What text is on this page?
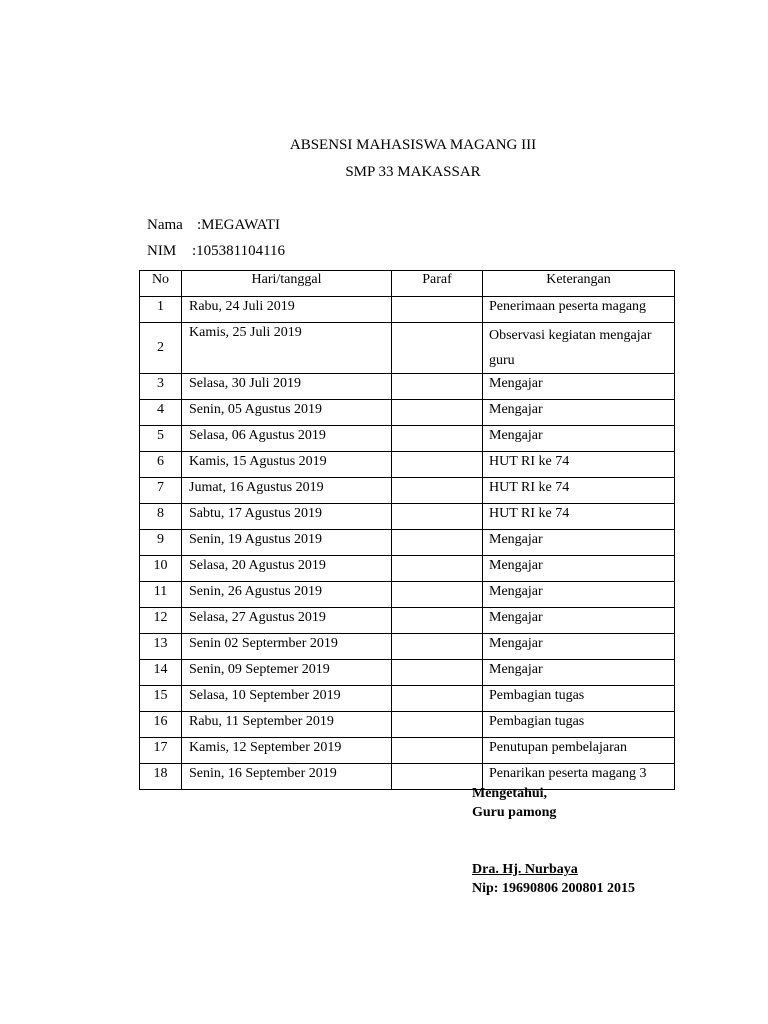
ABSENSI MAHASISWA MAGANG III
SMP 33 MAKASSAR
Nama :MEGAWATI
NIM :105381104116
No	Hari/tanggal	Paraf	Keterangan
1	Rabu, 24 Juli 2019		Penerimaan peserta magang
2	Kamis, 25 Juli 2019		Observasi kegiatan mengajar guru
3	Selasa, 30 Juli 2019		Mengajar
4	Senin, 05 Agustus 2019		Mengajar
5	Selasa, 06 Agustus 2019		Mengajar
6	Kamis, 15 Agustus 2019		HUT RI ke 74
7	Jumat, 16 Agustus 2019		HUT RI ke 74
8	Sabtu, 17 Agustus 2019		HUT RI ke 74
9	Senin, 19 Agustus 2019		Mengajar
10	Selasa, 20 Agustus 2019		Mengajar
11	Senin, 26 Agustus 2019		Mengajar
12	Selasa, 27 Agustus 2019		Mengajar
13	Senin 02 Septermber 2019		Mengajar
14	Senin, 09 Septemer 2019		Mengajar
15	Selasa, 10 September 2019		Pembagian tugas
16	Rabu, 11 September 2019		Pembagian tugas
17	Kamis, 12 September 2019		Penutupan pembelajaran
18	Senin, 16 September 2019		Penarikan peserta magang 3
Mengetahui,
Guru pamong
Dra. Hj. Nurbaya
Nip: 19690806 200801 2015
